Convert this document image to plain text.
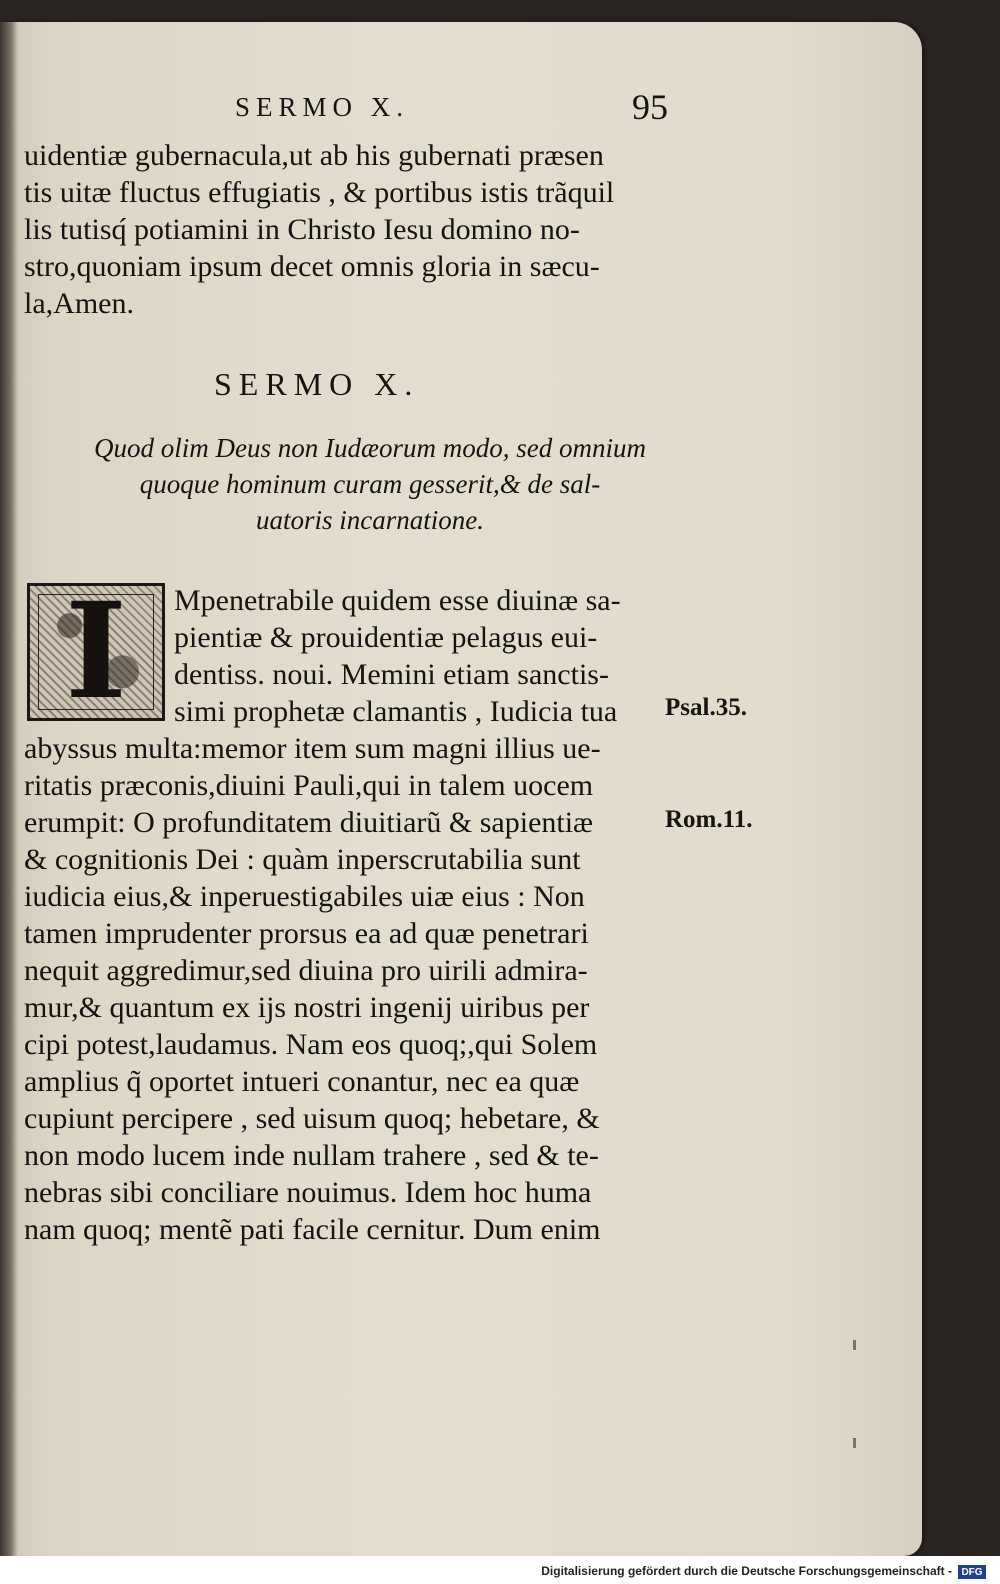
SERMO X.	95
uidentiæ gubernacula,ut ab his gubernati præsen
tis uitæ fluctus effugiatis , & portibus istis trãquil
lis tutisq́ potiamini in Christo Iesu domino no-
stro,quoniam ipsum decet omnis gloria in sæcu-
la,Amen.
SERMO X.
Quod olim Deus non Iudæorum modo, sed omnium
quoque hominum curam gesserit,& de sal-
uatoris incarnatione.
I	Mpenetrabile quidem esse diuinæ sa-
pientiæ & prouidentiæ pelagus eui-
dentiss. noui. Memini etiam sanctis-
simi prophetæ clamantis , Iudicia tua
abyssus multa:memor item sum magni illius ue-
ritatis præconis,diuini Pauli,qui in talem uocem
erumpit: O profunditatem diuitiarũ & sapientiæ
& cognitionis Dei : quàm inperscrutabilia sunt
iudicia eius,& inperuestigabiles uiæ eius : Non
tamen imprudenter prorsus ea ad quæ penetrari
nequit aggredimur,sed diuina pro uirili admira-
mur,& quantum ex ijs nostri ingenij uiribus per
cipi potest,laudamus. Nam eos quoq;,qui Solem
amplius q̃ oportet intueri conantur, nec ea quæ
cupiunt percipere , sed uisum quoq; hebetare, &
non modo lucem inde nullam trahere , sed & te-
nebras sibi conciliare nouimus. Idem hoc huma
nam quoq; mentẽ pati facile cernitur. Dum enim
Psal.35.
Rom.11.
Digitalisierung gefördert durch die Deutsche Forschungsgemeinschaft - DFG
